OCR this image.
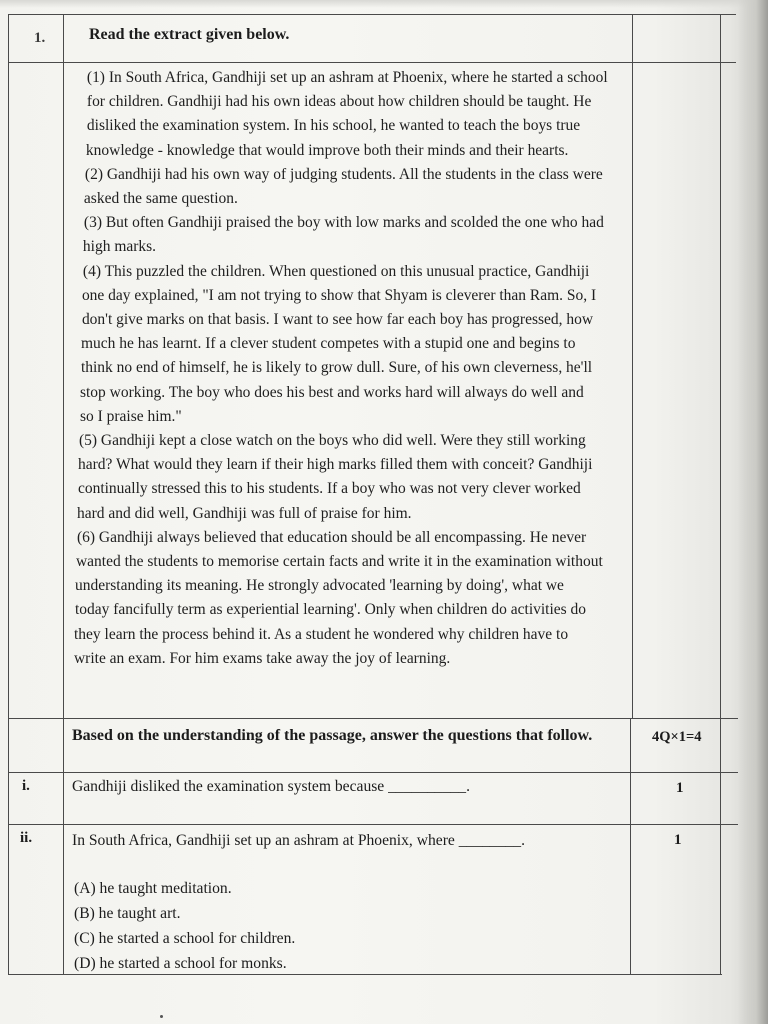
1.	Read the extract given below.
(1) In South Africa, Gandhiji set up an ashram at Phoenix, where he started a school
for children. Gandhiji had his own ideas about how children should be taught. He
disliked the examination system. In his school, he wanted to teach the boys true
knowledge - knowledge that would improve both their minds and their hearts.
(2) Gandhiji had his own way of judging students. All the students in the class were
asked the same question.
(3) But often Gandhiji praised the boy with low marks and scolded the one who had
high marks.
(4) This puzzled the children. When questioned on this unusual practice, Gandhiji
one day explained, "I am not trying to show that Shyam is cleverer than Ram. So, I
don't give marks on that basis. I want to see how far each boy has progressed, how
much he has learnt. If a clever student competes with a stupid one and begins to
think no end of himself, he is likely to grow dull. Sure, of his own cleverness, he'll
stop working. The boy who does his best and works hard will always do well and
so I praise him."
(5) Gandhiji kept a close watch on the boys who did well. Were they still working
hard? What would they learn if their high marks filled them with conceit? Gandhiji
continually stressed this to his students. If a boy who was not very clever worked
hard and did well, Gandhiji was full of praise for him.
(6) Gandhiji always believed that education should be all encompassing. He never
wanted the students to memorise certain facts and write it in the examination without
understanding its meaning. He strongly advocated 'learning by doing', what we
today fancifully term as experiential learning'. Only when children do activities do
they learn the process behind it. As a student he wondered why children have to
write an exam. For him exams take away the joy of learning.
Based on the understanding of the passage, answer the questions that follow.	4Q×1=4
i.	Gandhiji disliked the examination system because __________.	1
ii.	In South Africa, Gandhiji set up an ashram at Phoenix, where ________.	1
(A) he taught meditation.
(B) he taught art.
(C) he started a school for children.
(D) he started a school for monks.
